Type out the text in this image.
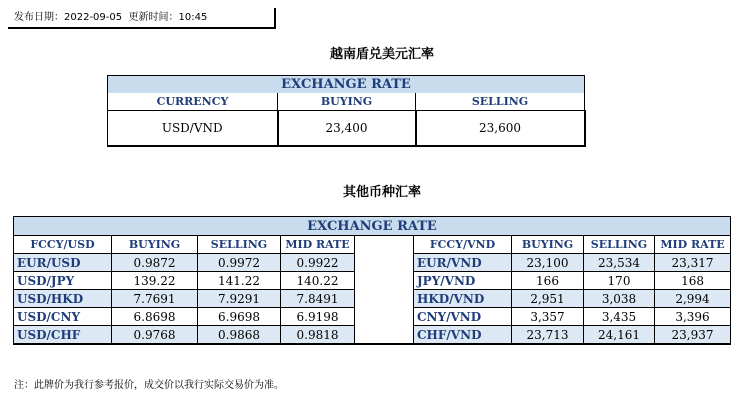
发布日期：2022-09-05 更新时间：10:45
越南盾兑美元汇率
EXCHANGE RATE		
CURRENCY	BUYING	SELLING
USD/VND	23,400	23,600
其他币种汇率
EXCHANGE RATE								
FCCY/USD	BUYING	SELLING	MID RATE		FCCY/VND	BUYING	SELLING	MID RATE
EUR/USD	0.9872	0.9972	0.9922		EUR/VND	23,100	23,534	23,317
USD/JPY	139.22	141.22	140.22		JPY/VND	166	170	168
USD/HKD	7.7691	7.9291	7.8491		HKD/VND	2,951	3,038	2,994
USD/CNY	6.8698	6.9698	6.9198		CNY/VND	3,357	3,435	3,396
USD/CHF	0.9768	0.9868	0.9818		CHF/VND	23,713	24,161	23,937
注：此牌价为我行参考报价，成交价以我行实际交易价为准。
